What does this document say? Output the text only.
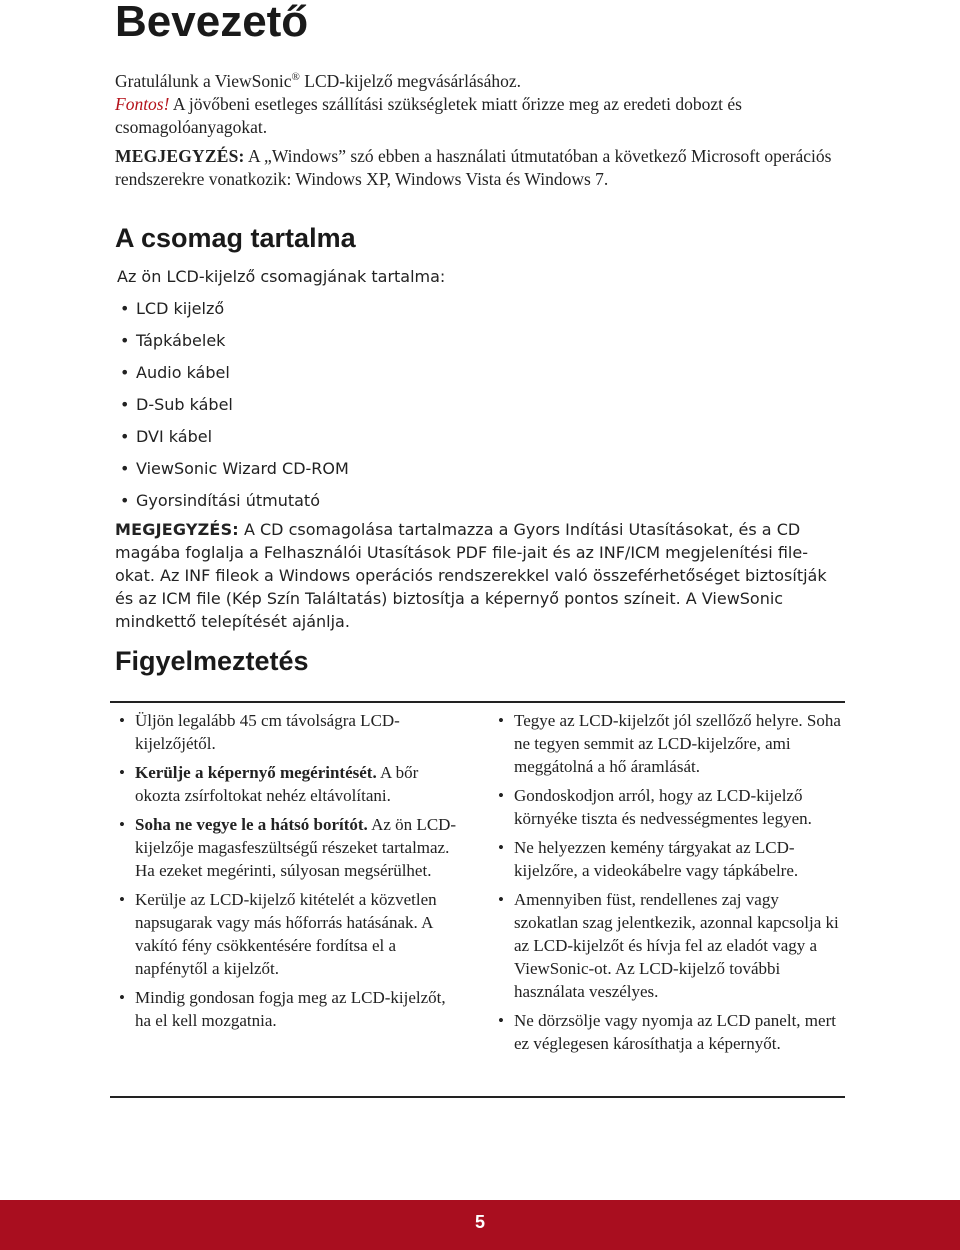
Bevezető
Gratulálunk a ViewSonic® LCD-kijelző megvásárlásához.
Fontos! A jövőbeni esetleges szállítási szükségletek miatt őrizze meg az eredeti dobozt és csomagolóanyagokat.
MEGJEGYZÉS: A „Windows” szó ebben a használati útmutatóban a következő Microsoft operációs rendszerekre vonatkozik: Windows XP, Windows Vista és Windows 7.
A csomag tartalma
Az ön LCD-kijelző csomagjának tartalma:
• LCD kijelző
• Tápkábelek
• Audio kábel
• D-Sub kábel
• DVI kábel
• ViewSonic Wizard CD-ROM
• Gyorsindítási útmutató
MEGJEGYZÉS: A CD csomagolása tartalmazza a Gyors Indítási Utasításokat, és a CD magába foglalja a Felhasználói Utasítások PDF file-jait és az INF/ICM megjelenítési file-okat. Az INF fileok a Windows operációs rendszerekkel való összeférhetőséget biztosítják és az ICM file (Kép Szín Találtatás) biztosítja a képernyő pontos színeit. A ViewSonic mindkettő telepítését ajánlja.
Figyelmeztetés
• Üljön legalább 45 cm távolságra LCD-kijelzőjétől.
• Kerülje a képernyő megérintését. A bőr okozta zsírfoltokat nehéz eltávolítani.
• Soha ne vegye le a hátsó borítót. Az ön LCD-kijelzője magasfeszültségű részeket tartalmaz. Ha ezeket megérinti, súlyosan megsérülhet.
• Kerülje az LCD-kijelző kitételét a közvetlen napsugarak vagy más hőforrás hatásának. A vakító fény csökkentésére fordítsa el a napfénytől a kijelzőt.
• Mindig gondosan fogja meg az LCD-kijelzőt, ha el kell mozgatnia.
• Tegye az LCD-kijelzőt jól szellőző helyre. Soha ne tegyen semmit az LCD-kijelzőre, ami meggátolná a hő áramlását.
• Gondoskodjon arról, hogy az LCD-kijelző környéke tiszta és nedvességmentes legyen.
• Ne helyezzen kemény tárgyakat az LCD-kijelzőre, a videokábelre vagy tápkábelre.
• Amennyiben füst, rendellenes zaj vagy szokatlan szag jelentkezik, azonnal kapcsolja ki az LCD-kijelzőt és hívja fel az eladót vagy a ViewSonic-ot. Az LCD-kijelző további használata veszélyes.
• Ne dörzsölje vagy nyomja az LCD panelt, mert ez véglegesen károsíthatja a képernyőt.
5
